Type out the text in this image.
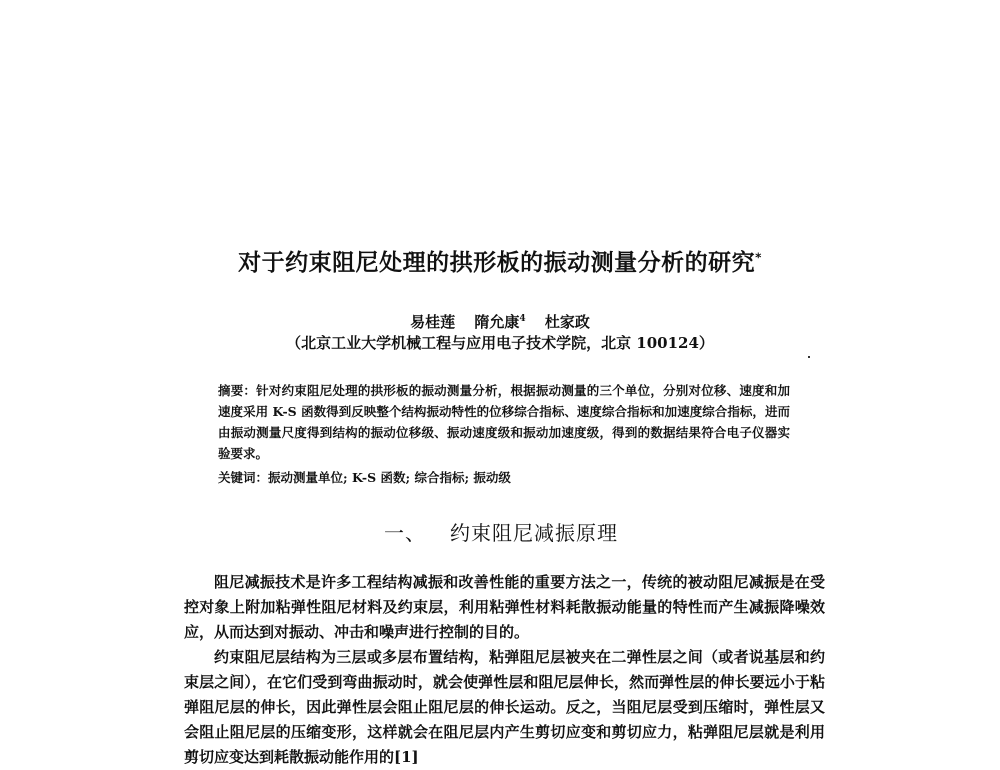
对于约束阻尼处理的拱形板的振动测量分析的研究*
易桂莲 隋允康$^4$ 杜家政
（北京工业大学机械工程与应用电子技术学院，北京 100124）
摘要：针对约束阻尼处理的拱形板的振动测量分析，根据振动测量的三个单位，分别对位移、速度和加速度采用 K-S 函数得到反映整个结构振动特性的位移综合指标、速度综合指标和加速度综合指标，进而由振动测量尺度得到结构的振动位移级、振动速度级和振动加速度级，得到的数据结果符合电子仪器实验要求。
关键词：振动测量单位; K-S 函数; 综合指标; 振动级
一、 约束阻尼减振原理

阻尼减振技术是许多工程结构减振和改善性能的重要方法之一，传统的被动阻尼减振是在受控对象上附加粘弹性阻尼材料及约束层，利用粘弹性材料耗散振动能量的特性而产生减振降噪效应，从而达到对振动、冲击和噪声进行控制的目的。

约束阻尼层结构为三层或多层布置结构，粘弹阻尼层被夹在二弹性层之间（或者说基层和约束层之间），在它们受到弯曲振动时，就会使弹性层和阻尼层伸长，然而弹性层的伸长要远小于粘弹阻尼层的伸长，因此弹性层会阻止阻尼层的伸长运动。反之，当阻尼层受到压缩时，弹性层又会阻止阻尼层的压缩变形，这样就会在阻尼层内产生剪切应变和剪切应力，粘弹阻尼层就是利用剪切应变达到耗散振动能作用的[1]
